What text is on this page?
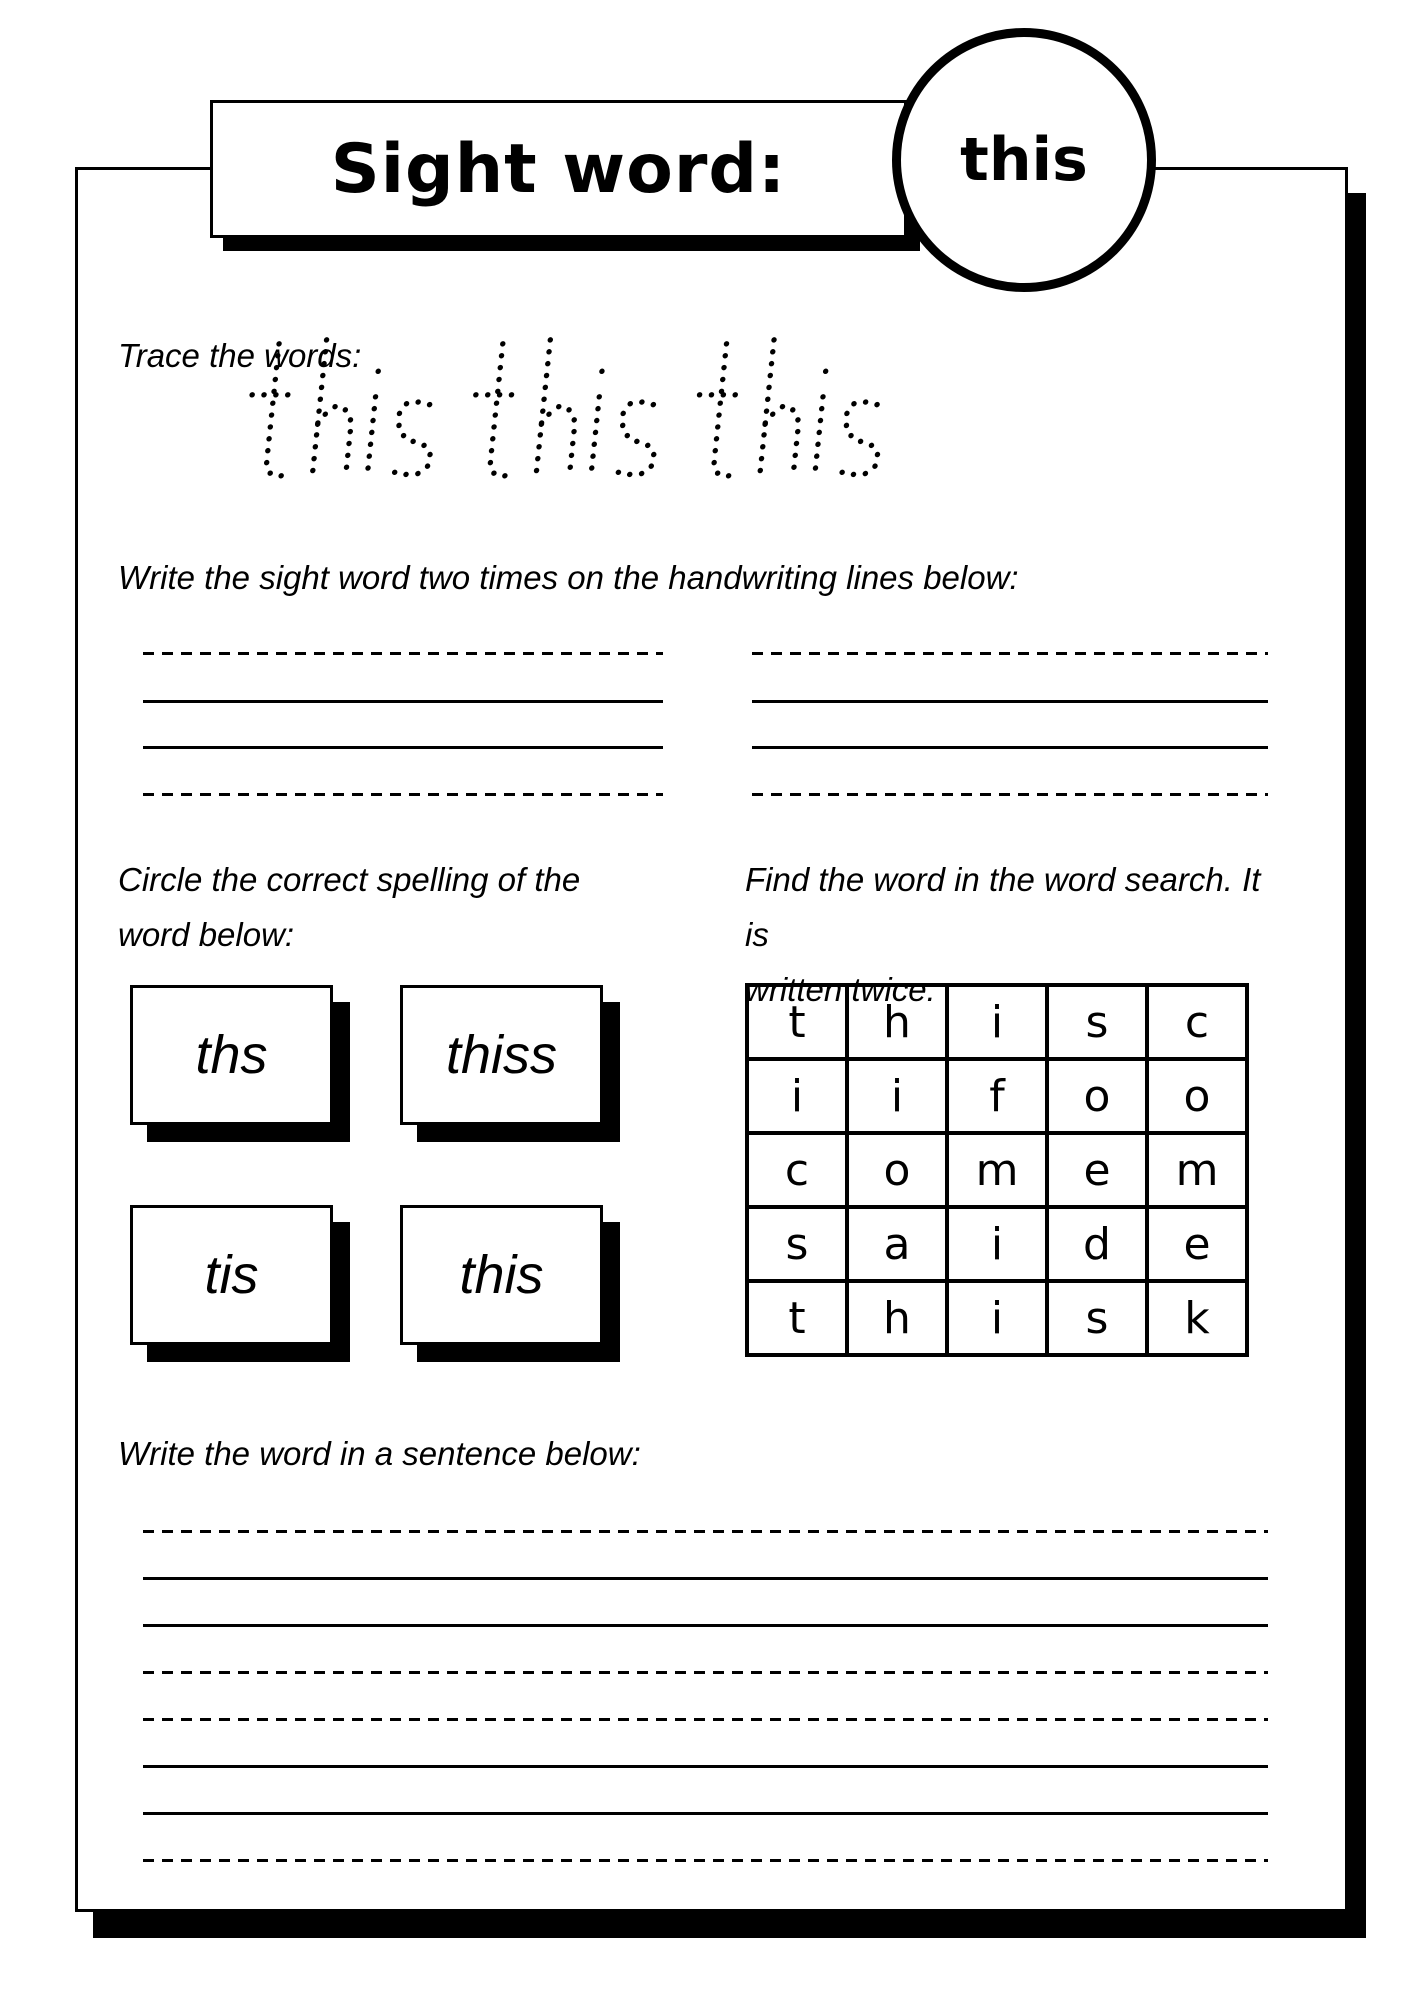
Sight word:	this
Trace the words:
Write the sight word two times on the handwriting lines below:
Circle the correct spelling of the
word below:
ths	thiss
tis	this
Find the word in the word search. It is
written twice:
t	h	i	s	c
i	i	f	o	o
c	o	m	e	m
s	a	i	d	e
t	h	i	s	k
Write the word in a sentence below:
